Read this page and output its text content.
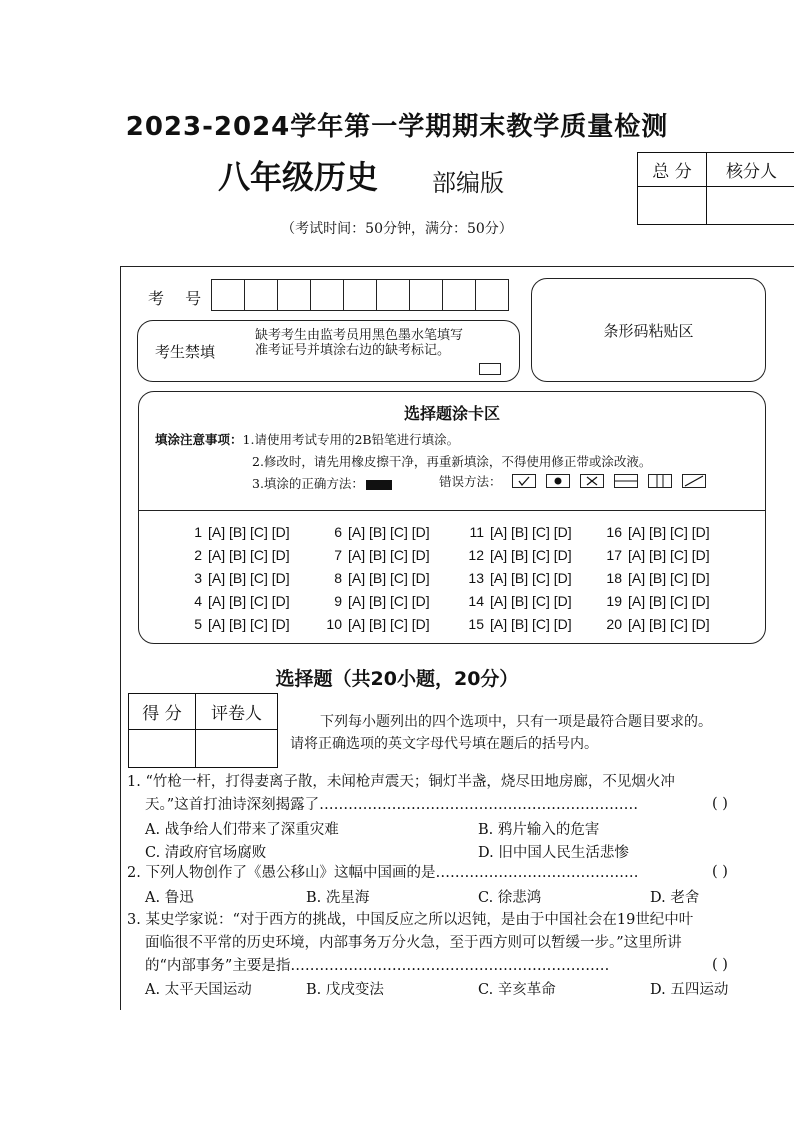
2023-2024学年第一学期期末教学质量检测
八年级历史 部编版
（考试时间：50分钟，满分：50分）
总 分	核分人

考 号
考生禁填
缺考考生由监考员用黑色墨水笔填写准考证号并填涂右边的缺考标记。
条形码粘贴区
选择题涂卡区
填涂注意事项：1.请使用考试专用的2B铅笔进行填涂。
2.修改时，请先用橡皮擦干净，再重新填涂，不得使用修正带或涂改液。
3.填涂的正确方法：	错误方法：
1 [A] [B] [C] [D]
2 [A] [B] [C] [D]
3 [A] [B] [C] [D]
4 [A] [B] [C] [D]
5 [A] [B] [C] [D]
6 [A] [B] [C] [D]
7 [A] [B] [C] [D]
8 [A] [B] [C] [D]
9 [A] [B] [C] [D]
10 [A] [B] [C] [D]
11 [A] [B] [C] [D]
12 [A] [B] [C] [D]
13 [A] [B] [C] [D]
14 [A] [B] [C] [D]
15 [A] [B] [C] [D]
16 [A] [B] [C] [D]
17 [A] [B] [C] [D]
18 [A] [B] [C] [D]
19 [A] [B] [C] [D]
20 [A] [B] [C] [D]
选择题（共20小题，20分）
得 分	评卷人
		下列每小题列出的四个选项中，只有一项是最符合题目要求的。
请将正确选项的英文字母代号填在题后的括号内。
1. “竹枪一杆，打得妻离子散，未闻枪声震天；铜灯半盏，烧尽田地房廊，不见烟火冲
天。”这首打油诗深刻揭露了…………………………………………………………	( )
A. 战争给人们带来了深重灾难	B. 鸦片输入的危害
C. 清政府官场腐败	D. 旧中国人民生活悲惨
2. 下列人物创作了《愚公移山》这幅中国画的是……………………………………	( )
A. 鲁迅	B. 冼星海	C. 徐悲鸿	D. 老舍
3. 某史学家说：“对于西方的挑战，中国反应之所以迟钝，是由于中国社会在19世纪中叶
面临很不平常的历史环境，内部事务万分火急，至于西方则可以暂缓一步。”这里所讲
的“内部事务”主要是指…………………………………………………………	( )
A. 太平天国运动	B. 戊戌变法	C. 辛亥革命	D. 五四运动
